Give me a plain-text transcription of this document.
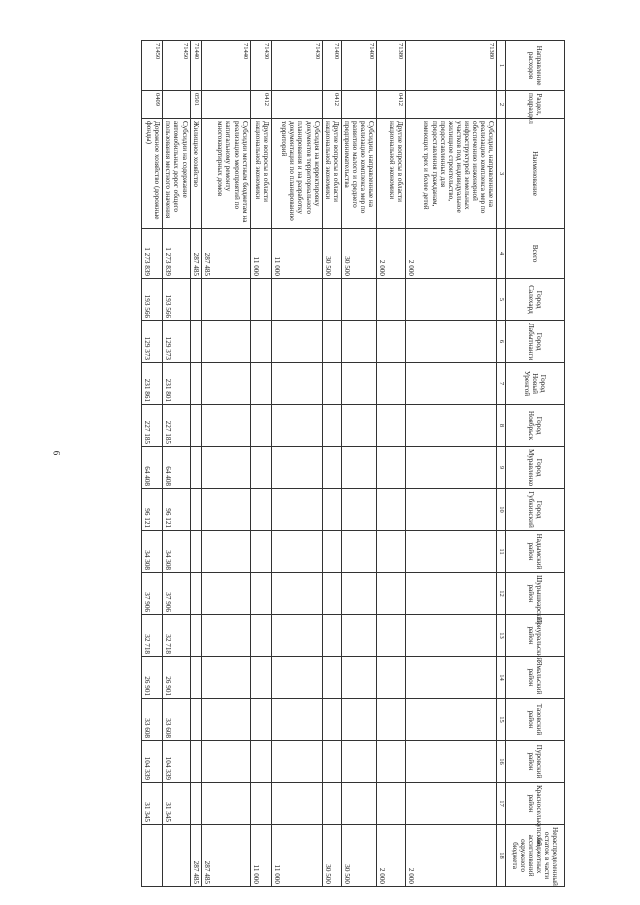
6
Направление расходов	Раздел, подраздел	Наименование	Всего	Город Салехард	Город Лабытнанги	Город Новый Уренгой	Город Ноябрьск	Город Муравленко	Город Губкинский	Надымский район	Шурышкарский район	Приуральский район	Ямальский район	Тазовский район	Пуровский район	Красноселькупский район	Нераспределенный остаток в части бюджетных ассигнований окружного бюджета
1	2	3	4	5	6	7	8	9	10	11	12	13	14	15	16	17	18
71380		Субсидии, направленные на реализацию комплекса мер по обеспечению инженерной инфраструктурой земельных участков под индивидуальное жилищное строительство, предоставленных для предоставления гражданам, имеющих трех и более детей	2 000														2 000
71380	0412	Другие вопросы в области национальной экономики	2 000														2 000
71400		Субсидии, направленные на реализацию комплекса мер по развитию малого и среднего предпринимательства	30 500														30 500
71400	0412	Другие вопросы в области национальной экономики	30 500														30 500
71430		Субсидия на корректировку документов территориального планирования и на разработку документации по планированию территорий	11 000														11 000
71430	0412	Другие вопросы в области национальной экономики	11 000														11 000
71440		Субсидии местным бюджетам на реализацию мероприятий по капитальному ремонту многоквартирных домов	287 485														287 485
71440	0501	Жилищное хозяйство	287 485														287 485
71450		Субсидии на содержание автомобильных дорог общего пользования местного значения	1 273 839	193 566	129 373	231 801	227 185	64 408	96 121	34 308	37 906	32 718	26 901	33 608	104 339	31 345	
71450	0409	Дорожное хозяйство (дорожные фонды)	1 273 839	193 566	129 373	231 861	227 185	64 408	96 121	34 308	37 906	32 718	26 901	33 608	104 339	31 345	
